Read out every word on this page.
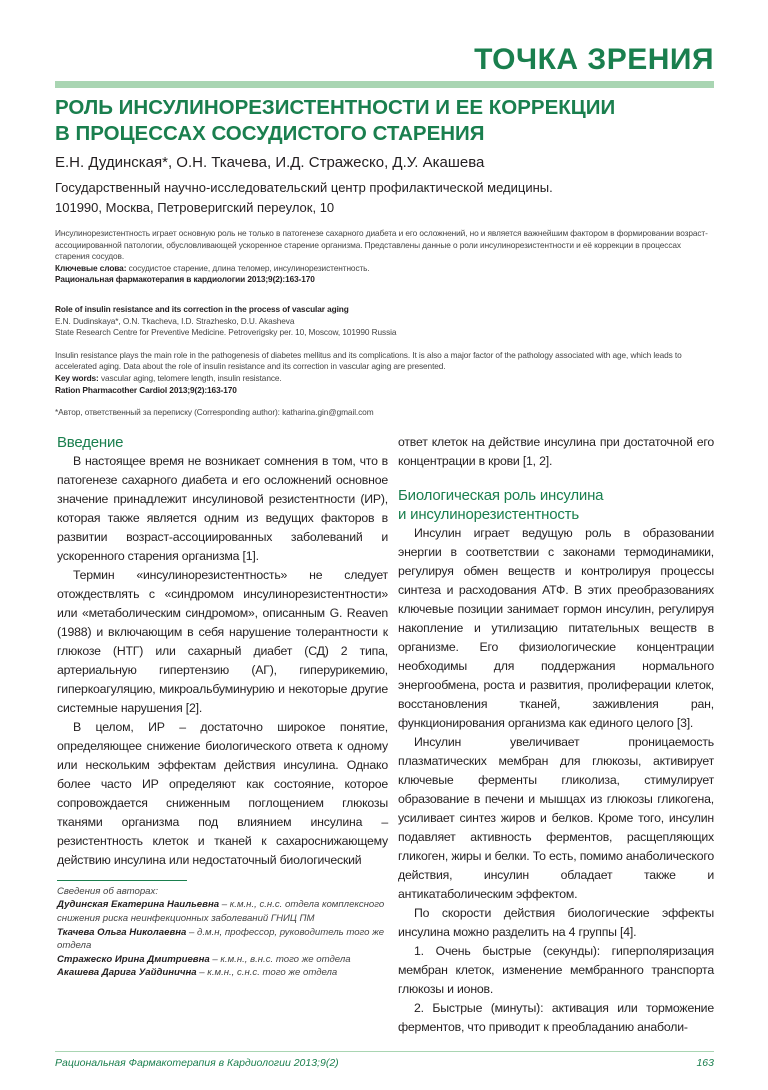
ТОЧКА ЗРЕНИЯ
РОЛЬ ИНСУЛИНОРЕЗИСТЕНТНОСТИ И ЕЕ КОРРЕКЦИИ
В ПРОЦЕССАХ СОСУДИСТОГО СТАРЕНИЯ
Е.Н. Дудинская*, О.Н. Ткачева, И.Д. Стражеско, Д.У. Акашева
Государственный научно-исследовательский центр профилактической медицины.
101990, Москва, Петроверигский переулок, 10
Инсулинорезистентность играет основную роль не только в патогенезе сахарного диабета и его осложнений, но и является важнейшим фактором в формировании возраст-ассоциированной патологии, обусловливающей ускоренное старение организма. Представлены данные о роли инсулинорезистентности и её коррекции в процессах старения сосудов.
Ключевые слова: сосудистое старение, длина теломер, инсулинорезистентность.
Рациональная фармакотерапия в кардиологии 2013;9(2):163-170
Role of insulin resistance and its correction in the process of vascular aging
E.N. Dudinskaya*, O.N. Tkacheva, I.D. Strazhesko, D.U. Akasheva
State Research Centre for Preventive Medicine. Petroverigsky per. 10, Moscow, 101990 Russia
Insulin resistance plays the main role in the pathogenesis of diabetes mellitus and its complications. It is also a major factor of the pathology associated with age, which leads to accelerated aging. Data about the role of insulin resistance and its correction in vascular aging are presented.
Key words: vascular aging, telomere length, insulin resistance.
Ration Pharmacother Cardiol 2013;9(2):163-170
*Автор, ответственный за переписку (Corresponding author): katharina.gin@gmail.com
Введение

В настоящее время не возникает сомнения в том, что в патогенезе сахарного диабета и его осложнений основное значение принадлежит инсулиновой резистентности (ИР), которая также является одним из ведущих факторов в развитии возраст-ассоциированных заболеваний и ускоренного старения организма [1].

Термин «инсулинорезистентность» не следует отождествлять с «синдромом инсулинорезистентности» или «метаболическим синдромом», описанным G. Reaven (1988) и включающим в себя нарушение толерантности к глюкозе (НТГ) или сахарный диабет (СД) 2 типа, артериальную гипертензию (АГ), гиперурикемию, гиперкоагуляцию, микроальбуминурию и некоторые другие системные нарушения [2].

В целом, ИР – достаточно широкое понятие, определяющее снижение биологического ответа к одному или нескольким эффектам действия инсулина. Однако более часто ИР определяют как состояние, которое сопровождается сниженным поглощением глюкозы тканями организма под влиянием инсулина – резистентность клеток и тканей к сахароснижающему действию инсулина или недостаточный биологический

Сведения об авторах:
Дудинская Екатерина Наильевна – к.м.н., с.н.с. отдела комплексного снижения риска неинфекционных заболеваний ГНИЦ ПМ
Ткачева Ольга Николаевна – д.м.н, профессор, руководитель того же отдела
Стражеско Ирина Дмитриевна – к.м.н., в.н.с. того же отдела
Акашева Дарига Уайдинична – к.м.н., с.н.с. того же отдела

ответ клеток на действие инсулина при достаточной его концентрации в крови [1, 2].

Биологическая роль инсулина
и инсулинорезистентность

Инсулин играет ведущую роль в образовании энергии в соответствии с законами термодинамики, регулируя обмен веществ и контролируя процессы синтеза и расходования АТФ. В этих преобразованиях ключевые позиции занимает гормон инсулин, регулируя накопление и утилизацию питательных веществ в организме. Его физиологические концентрации необходимы для поддержания нормального энергообмена, роста и развития, пролиферации клеток, восстановления тканей, заживления ран, функционирования организма как единого целого [3].

Инсулин увеличивает проницаемость плазматических мембран для глюкозы, активирует ключевые ферменты гликолиза, стимулирует образование в печени и мышцах из глюкозы гликогена, усиливает синтез жиров и белков. Кроме того, инсулин подавляет активность ферментов, расщепляющих гликоген, жиры и белки. То есть, помимо анаболического действия, инсулин обладает также и антикатаболическим эффектом.

По скорости действия биологические эффекты инсулина можно разделить на 4 группы [4].

1. Очень быстрые (секунды): гиперполяризация мембран клеток, изменение мембранного транспорта глюкозы и ионов.

2. Быстрые (минуты): активация или торможение ферментов, что приводит к преобладанию анаболи-

Рациональная Фармакотерапия в Кардиологии 2013;9(2)	163
